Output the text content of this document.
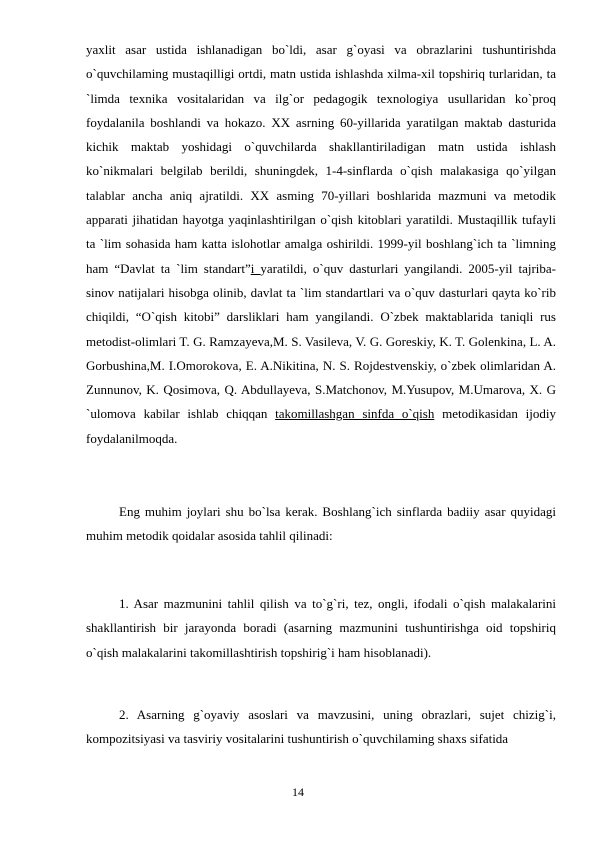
yaxlit asar ustida ishlanadigan bo`ldi, asar g`oyasi va obrazlarini tushuntirishda o`quvchilaming mustaqilligi ortdi, matn ustida ishlashda xilma-xil topshiriq turlaridan, ta `limda texnika vositalaridan va ilg`or pedagogik texnologiya usullaridan ko`proq foydalanila boshlandi va hokazo. XX asrning 60-yillarida yaratilgan maktab dasturida kichik maktab yoshidagi o`quvchilarda shakllantiriladigan matn ustida ishlash ko`nikmalari belgilab berildi, shuningdek, 1-4-sinflarda o`qish malakasiga qo`yilgan talablar ancha aniq ajratildi. XX asming 70-yillari boshlarida mazmuni va metodik apparati jihatidan hayotga yaqinlashtirilgan o`qish kitoblari yaratildi. Mustaqillik tufayli ta `lim sohasida ham katta islohotlar amalga oshirildi. 1999-yil boshlang`ich ta `limning ham “Davlat ta `lim standart”i yaratildi, o`quv dasturlari yangilandi. 2005-yil tajriba-sinov natijalari hisobga olinib, davlat ta `lim standartlari va o`quv dasturlari qayta ko`rib chiqildi, “O`qish kitobi” darsliklari ham yangilandi. O`zbek maktablarida taniqli rus metodist-olimlari T. G. Ramzayeva,M. S. Vasileva, V. G. Goreskiy, K. T. Golenkina, L. A. Gorbushina,M. I.Omorokova, E. A.Nikitina, N. S. Rojdestvenskiy, o`zbek olimlaridan A. Zunnunov, K. Qosimova, Q. Abdullayeva, S.Matchonov, M.Yusupov, M.Umarova, X. G `ulomova kabilar ishlab chiqqan takomillashgan sinfda o`qish metodikasidan ijodiy foydalanilmoqda.

Eng muhim joylari shu bo`lsa kerak. Boshlang`ich sinflarda badiiy asar quyidagi muhim metodik qoidalar asosida tahlil qilinadi:

1. Asar mazmunini tahlil qilish va to`g`ri, tez, ongli, ifodali o`qish malakalarini shakllantirish bir jarayonda boradi (asarning mazmunini tushuntirishga oid topshiriq o`qish malakalarini takomillashtirish topshirig`i ham hisoblanadi).

2. Asarning g`oyaviy asoslari va mavzusini, uning obrazlari, sujet chizig`i, kompozitsiyasi va tasviriy vositalarini tushuntirish o`quvchilaming shaxs sifatida

14
